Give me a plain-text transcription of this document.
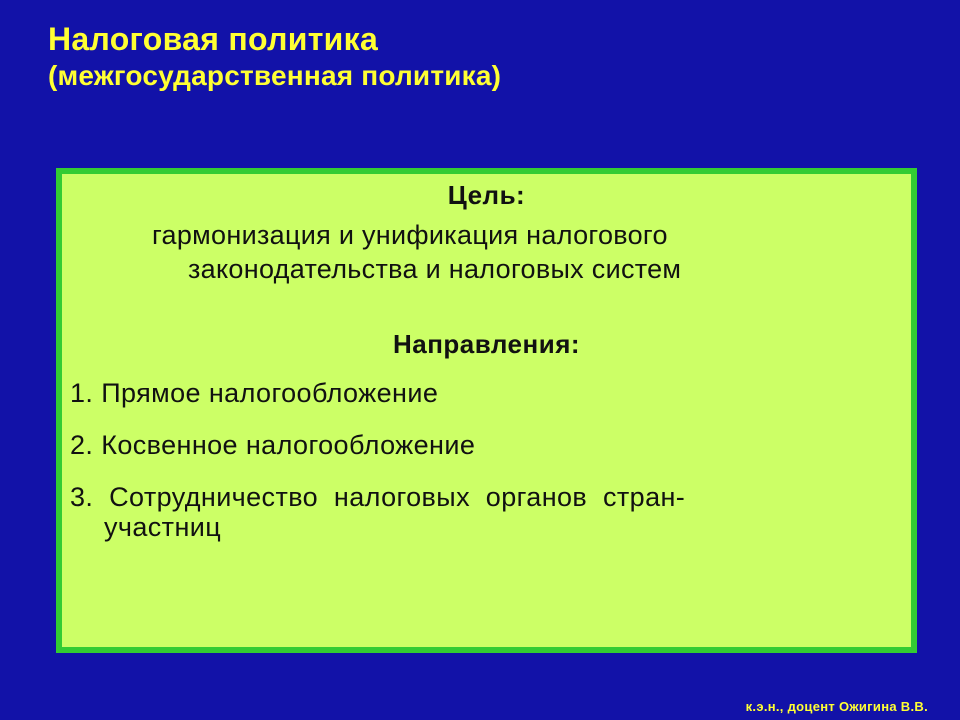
Налоговая политика
(межгосударственная политика)
Цель:
гармонизация и унификация налогового
законодательства и налоговых систем
Направления:
1. Прямое налогообложение
2. Косвенное налогообложение
3.  Сотрудничество  налоговых  органов  стран-
участниц
к.э.н., доцент Ожигина В.В.
